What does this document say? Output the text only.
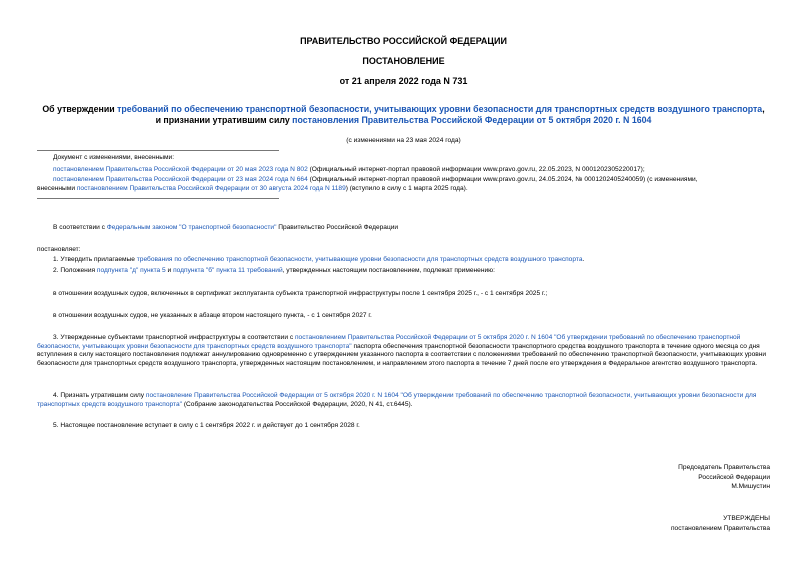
ПРАВИТЕЛЬСТВО РОССИЙСКОЙ ФЕДЕРАЦИИ
ПОСТАНОВЛЕНИЕ
от 21 апреля 2022 года N 731
Об утверждении требований по обеспечению транспортной безопасности, учитывающих уровни безопасности для транспортных средств воздушного транспорта,
и признании утратившим силу постановления Правительства Российской Федерации от 5 октября 2020 г. N 1604
(с изменениями на 23 мая 2024 года)
Документ с изменениями, внесенными:
постановлением Правительства Российской Федерации от 20 мая 2023 года N 802 (Официальный интернет-портал правовой информации www.pravo.gov.ru, 22.05.2023, N 0001202305220017);
постановлением Правительства Российской Федерации от 23 мая 2024 года N 664 (Официальный интернет-портал правовой информации www.pravo.gov.ru, 24.05.2024, № 0001202405240059) (с изменениями,
внесенными постановлением Правительства Российской Федерации от 30 августа 2024 года N 1189) (вступило в силу с 1 марта 2025 года).
В соответствии с Федеральным законом "О транспортной безопасности" Правительство Российской Федерации
постановляет:
1. Утвердить прилагаемые требования по обеспечению транспортной безопасности, учитывающие уровни безопасности для транспортных средств воздушного транспорта.
2. Положения подпункта "д" пункта 5 и подпункта "б" пункта 11 требований, утвержденных настоящим постановлением, подлежат применению:
в отношении воздушных судов, включенных в сертификат эксплуатанта субъекта транспортной инфраструктуры после 1 сентября 2025 г., - с 1 сентября 2025 г.;
в отношении воздушных судов, не указанных в абзаце втором настоящего пункта, - с 1 сентября 2027 г.
3. Утвержденные субъектами транспортной инфраструктуры в соответствии с постановлением Правительства Российской Федерации от 5 октября 2020 г. N 1604 "Об утверждении требований по обеспечению транспортной безопасности, учитывающих уровни безопасности для транспортных средств воздушного транспорта" паспорта обеспечения транспортной безопасности транспортного средства воздушного транспорта в течение одного месяца со дня вступления в силу настоящего постановления подлежат аннулированию одновременно с утверждением указанного паспорта в соответствии с положениями требований по обеспечению транспортной безопасности, учитывающих уровни безопасности для транспортных средств воздушного транспорта, утвержденных настоящим постановлением, и направлением этого паспорта в течение 7 дней после его утверждения в Федеральное агентство воздушного транспорта.
4. Признать утратившим силу постановление Правительства Российской Федерации от 5 октября 2020 г. N 1604 "Об утверждении требований по обеспечению транспортной безопасности, учитывающих уровни безопасности для транспортных средств воздушного транспорта" (Собрание законодательства Российской Федерации, 2020, N 41, ст.6445).
5. Настоящее постановление вступает в силу с 1 сентября 2022 г. и действует до 1 сентября 2028 г.
Председатель Правительства
Российской Федерации
М.Мишустин
УТВЕРЖДЕНЫ
постановлением Правительства
